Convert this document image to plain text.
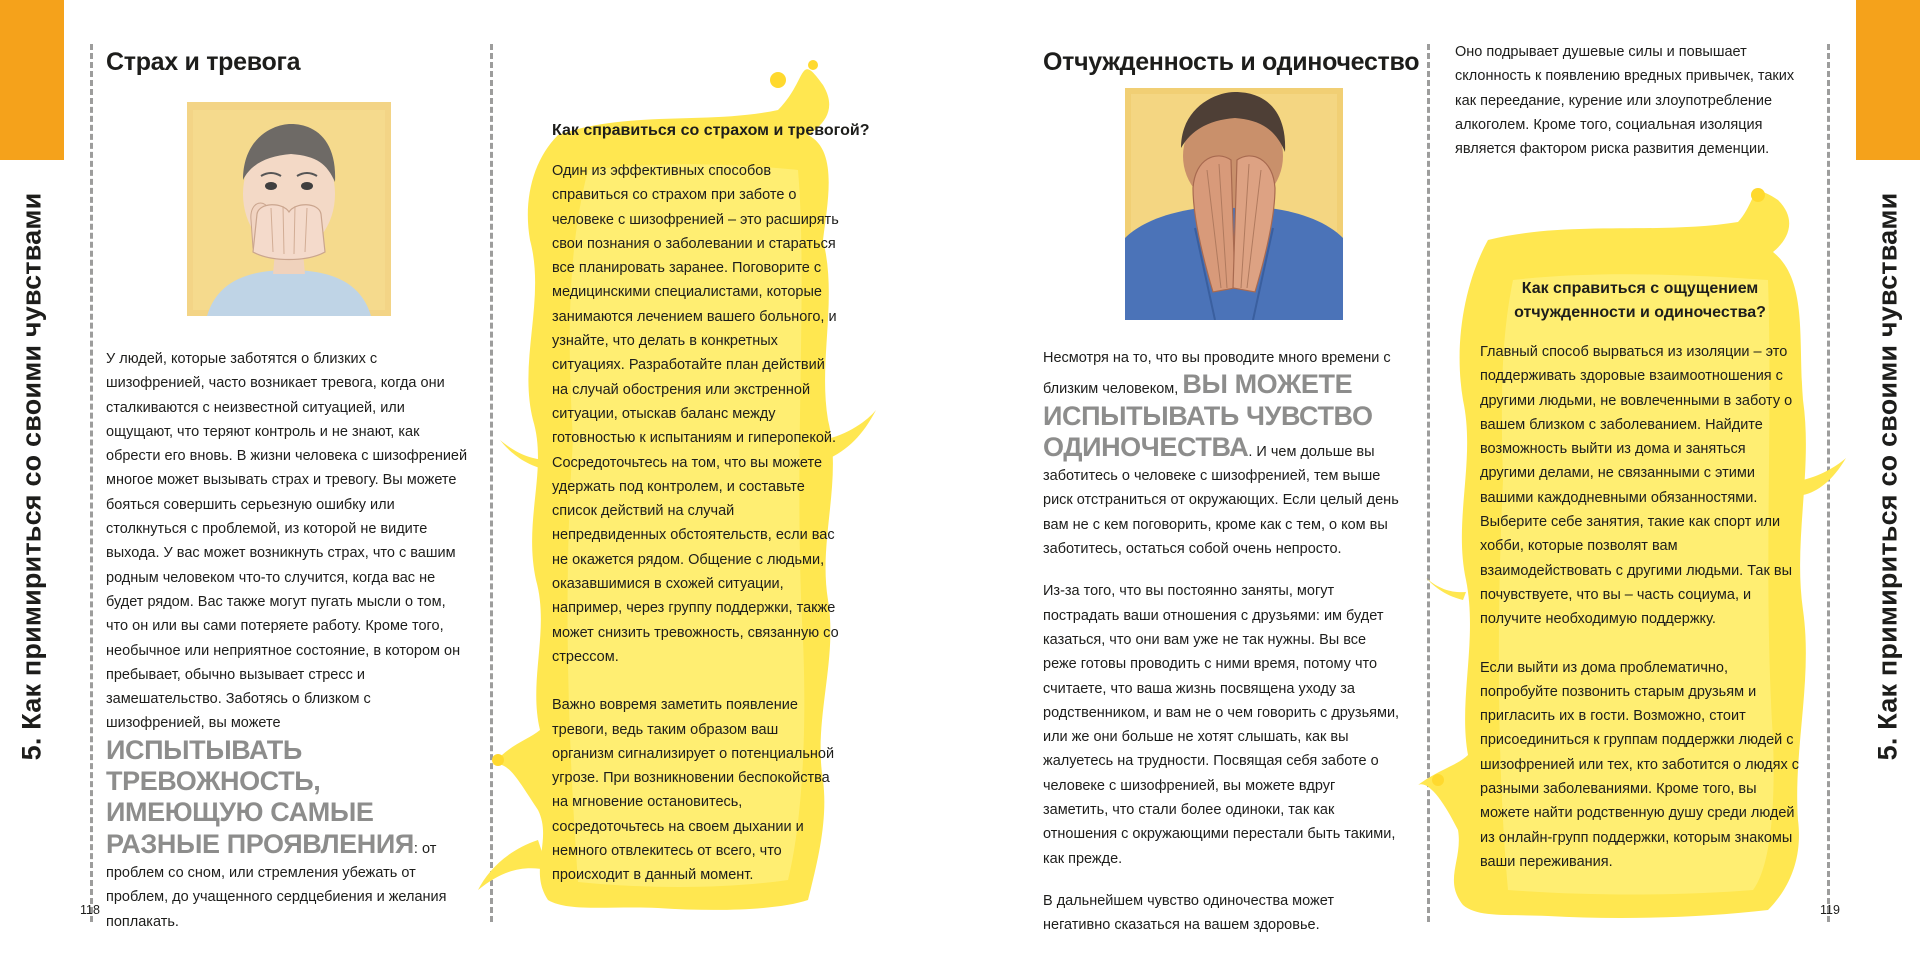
5. Как примириться со своими чувствами	5. Как примириться со своими чувствами
Страх и тревога
У людей, которые заботятся о близких с шизофренией, часто возникает тревога, когда они сталкиваются с неизвестной ситуацией, или ощущают, что теряют контроль и не знают, как обрести его вновь. В жизни человека с шизофренией многое может вызывать страх и тревогу. Вы можете бояться совершить серьезную ошибку или столкнуться с проблемой, из которой не видите выхода. У вас может возникнуть страх, что с вашим родным человеком что-то случится, когда вас не будет рядом. Вас также могут пугать мысли о том, что он или вы сами потеряете работу. Кроме того, необычное или неприятное состояние, в котором он пребывает, обычно вызывает стресс и замешательство. Заботясь о близком с шизофренией, вы можете ИСПЫТЫВАТЬ ТРЕВОЖНОСТЬ, ИМЕЮЩУЮ САМЫЕ РАЗНЫЕ ПРОЯВЛЕНИЯ: от проблем со сном, или стремления убежать от проблем, до учащенного сердцебиения и желания поплакать.
Как справиться со страхом и тревогой?

Один из эффективных способов справиться со страхом при заботе о человеке с шизофренией – это расширять свои познания о заболевании и стараться все планировать заранее. Поговорите с медицинскими специалистами, которые занимаются лечением вашего больного, и узнайте, что делать в конкретных ситуациях. Разработайте план действий на случай обострения или экстренной ситуации, отыскав баланс между готовностью к испытаниям и гиперопекой. Сосредоточьтесь на том, что вы можете удержать под контролем, и составьте список действий на случай непредвиденных обстоятельств, если вас не окажется рядом. Общение с людьми, оказавшимися в схожей ситуации, например, через группу поддержки, также может снизить тревожность, связанную со стрессом.

Важно вовремя заметить появление тревоги, ведь таким образом ваш организм сигнализирует о потенциальной угрозе. При возникновении беспокойства на мгновение остановитесь, сосредоточьтесь на своем дыхании и немного отвлекитесь от всего, что происходит в данный момент.

118
Отчужденность и одиночество

Несмотря на то, что вы проводите много времени с близким человеком, ВЫ МОЖЕТЕ ИСПЫТЫВАТЬ ЧУВСТВО ОДИНОЧЕСТВА. И чем дольше вы заботитесь о человеке с шизофренией, тем выше риск отстраниться от окружающих. Если целый день вам не с кем поговорить, кроме как с тем, о ком вы заботитесь, остаться собой очень непросто.

Из-за того, что вы постоянно заняты, могут пострадать ваши отношения с друзьями: им будет казаться, что они вам уже не так нужны. Вы все реже готовы проводить с ними время, потому что считаете, что ваша жизнь посвящена уходу за родственником, и вам не о чем говорить с друзьями, или же они больше не хотят слышать, как вы жалуетесь на трудности. Посвящая себя заботе о человеке с шизофренией, вы можете вдруг заметить, что стали более одиноки, так как отношения с окружающими перестали быть такими, как прежде.

В дальнейшем чувство одиночества может негативно сказаться на вашем здоровье.

Оно подрывает душевые силы и повышает склонность к появлению вредных привычек, таких как переедание, курение или злоупотребление алкоголем. Кроме того, социальная изоляция является фактором риска развития деменции.
Как справиться с ощущением отчужденности и одиночества?

Главный способ вырваться из изоляции – это поддерживать здоровые взаимоотношения с другими людьми, не вовлеченными в заботу о вашем близком с заболеванием. Найдите возможность выйти из дома и заняться другими делами, не связанными с этими вашими каждодневными обязанностями. Выберите себе занятия, такие как спорт или хобби, которые позволят вам взаимодействовать с другими людьми. Так вы почувствуете, что вы – часть социума, и получите необходимую поддержку.

Если выйти из дома проблематично, попробуйте позвонить старым друзьям и пригласить их в гости. Возможно, стоит присоединиться к группам поддержки людей с шизофренией или тех, кто заботится о людях с разными заболеваниями. Кроме того, вы можете найти родственную душу среди людей из онлайн-групп поддержки, которым знакомы ваши переживания.

119
